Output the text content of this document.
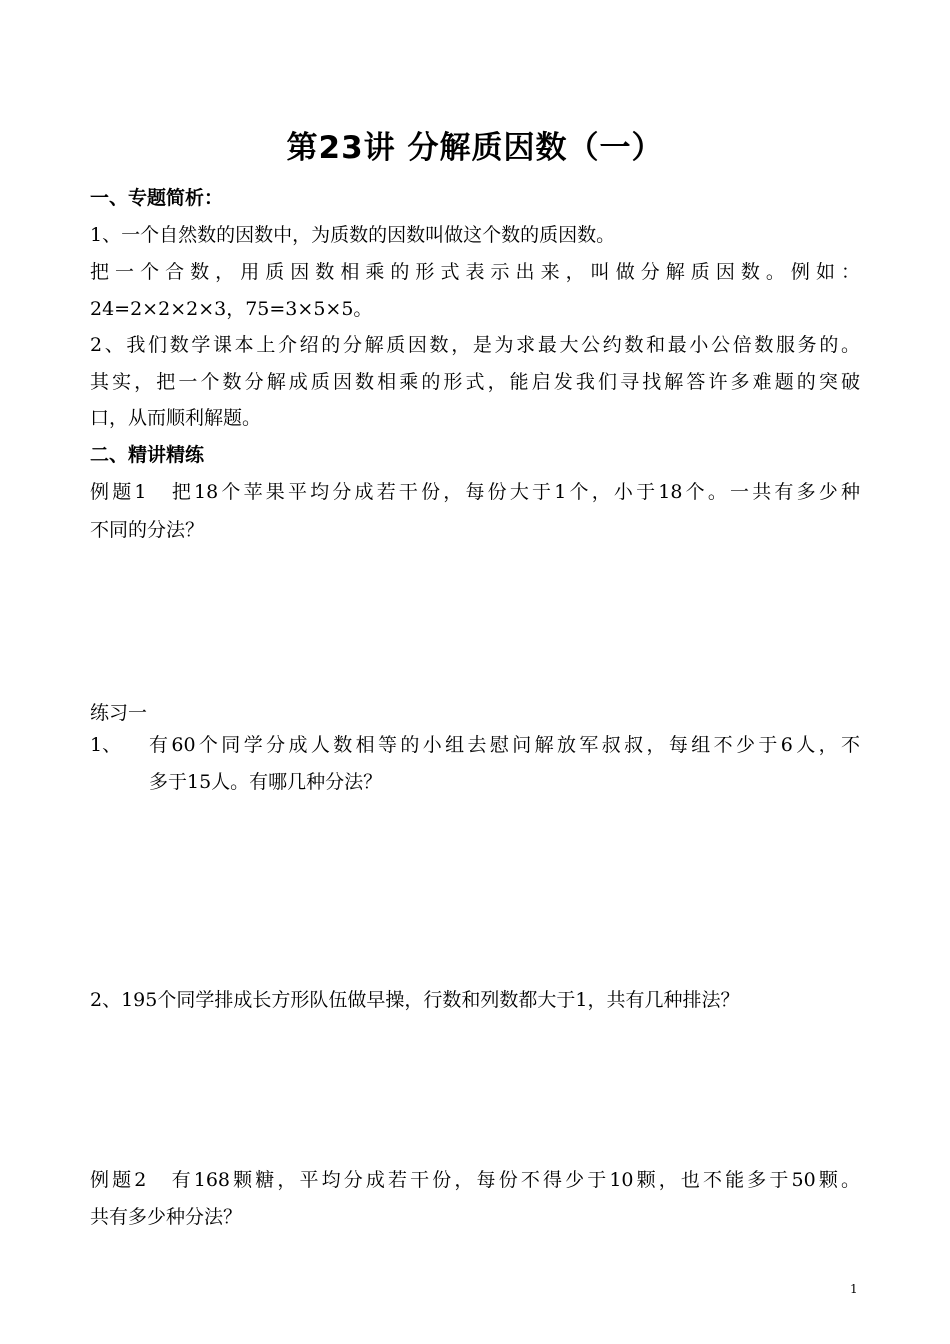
第23讲 分解质因数（一）
一、专题简析：
1、一个自然数的因数中，为质数的因数叫做这个数的质因数。
把一个合数，用质因数相乘的形式表示出来，叫做分解质因数。例如：
24=2×2×2×3，75=3×5×5。
2、我们数学课本上介绍的分解质因数，是为求最大公约数和最小公倍数服务的。
其实，把一个数分解成质因数相乘的形式，能启发我们寻找解答许多难题的突破
口，从而顺利解题。
二、精讲精练
例题1　把18个苹果平均分成若干份，每份大于1个，小于18个。一共有多少种
不同的分法？
练习一
1、 有60个同学分成人数相等的小组去慰问解放军叔叔，每组不少于6人，不
多于15人。有哪几种分法？
2、195个同学排成长方形队伍做早操，行数和列数都大于1，共有几种排法？
例题2　有168颗糖，平均分成若干份，每份不得少于10颗，也不能多于50颗。
共有多少种分法？
1
